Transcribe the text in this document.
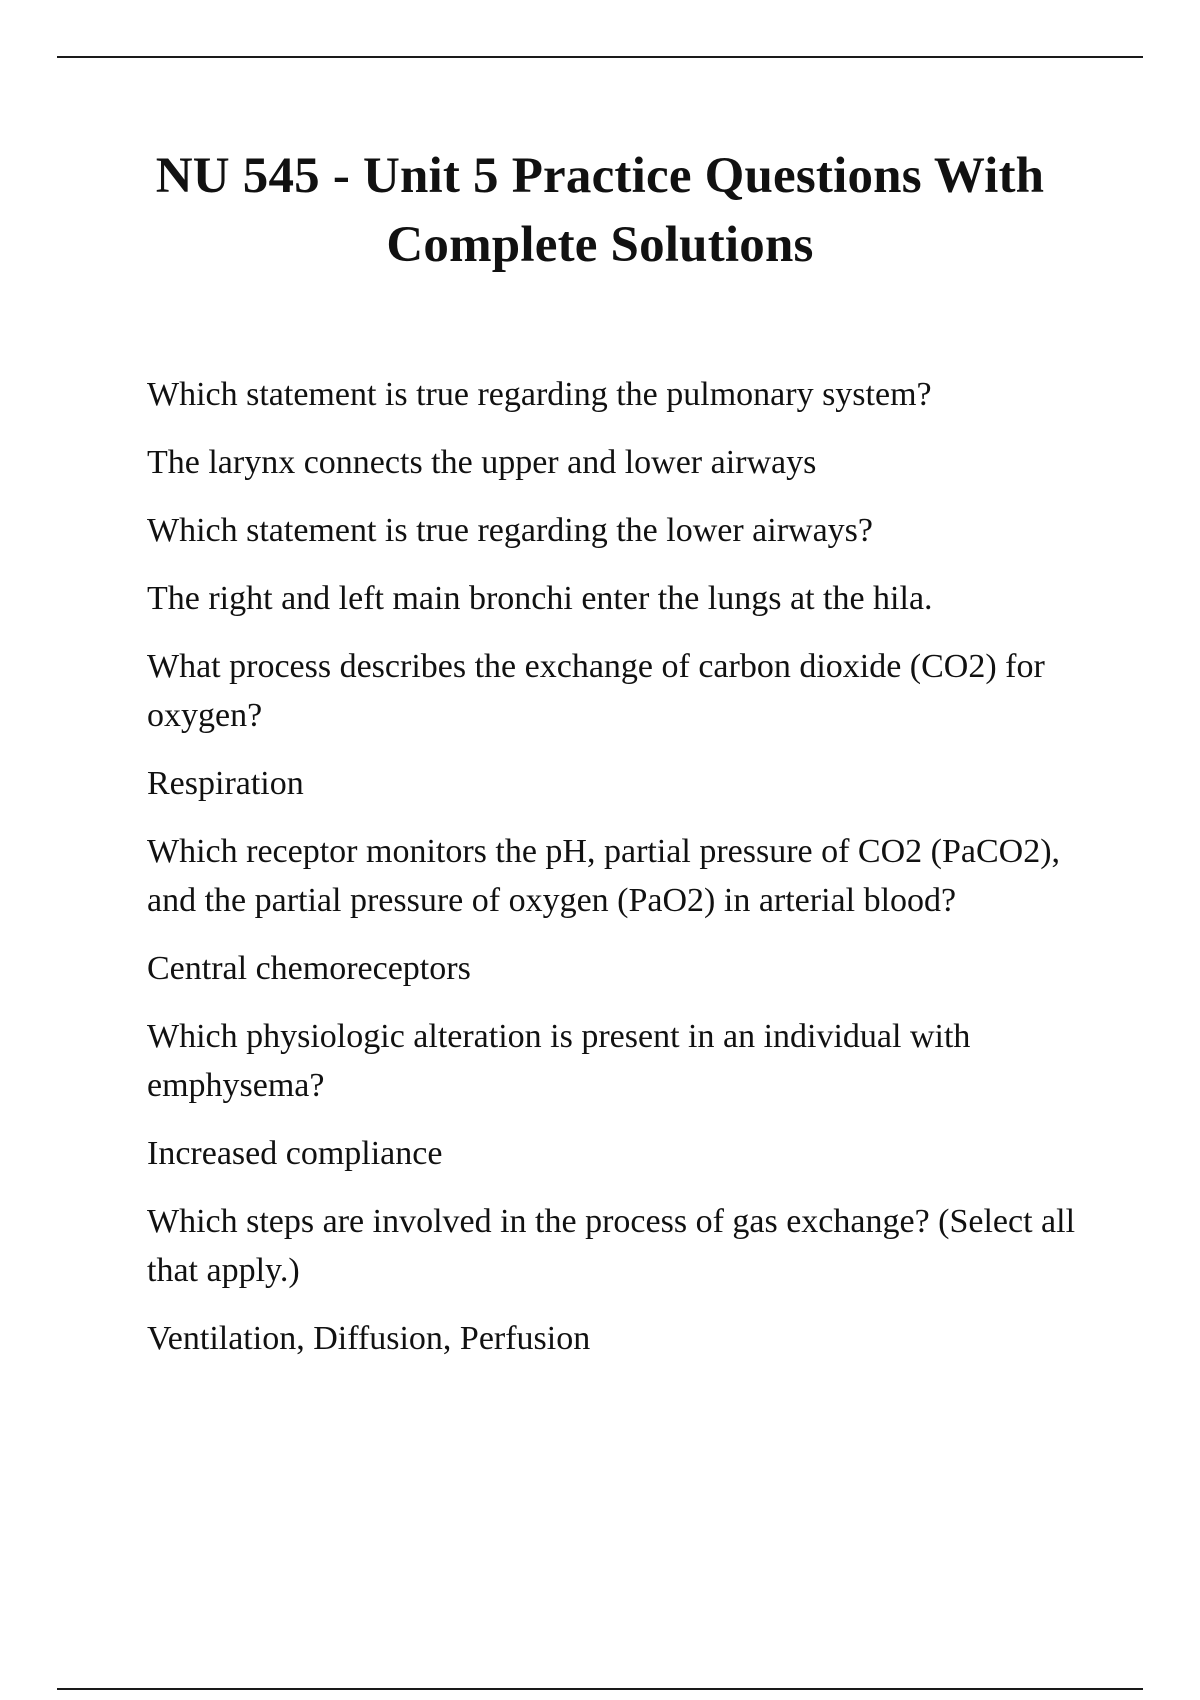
NU 545 - Unit 5 Practice Questions With Complete Solutions
Which statement is true regarding the pulmonary system?
The larynx connects the upper and lower airways
Which statement is true regarding the lower airways?
The right and left main bronchi enter the lungs at the hila.
What process describes the exchange of carbon dioxide (CO2) for oxygen?
Respiration
Which receptor monitors the pH, partial pressure of CO2 (PaCO2), and the partial pressure of oxygen (PaO2) in arterial blood?
Central chemoreceptors
Which physiologic alteration is present in an individual with emphysema?
Increased compliance
Which steps are involved in the process of gas exchange? (Select all that apply.)
Ventilation, Diffusion, Perfusion
